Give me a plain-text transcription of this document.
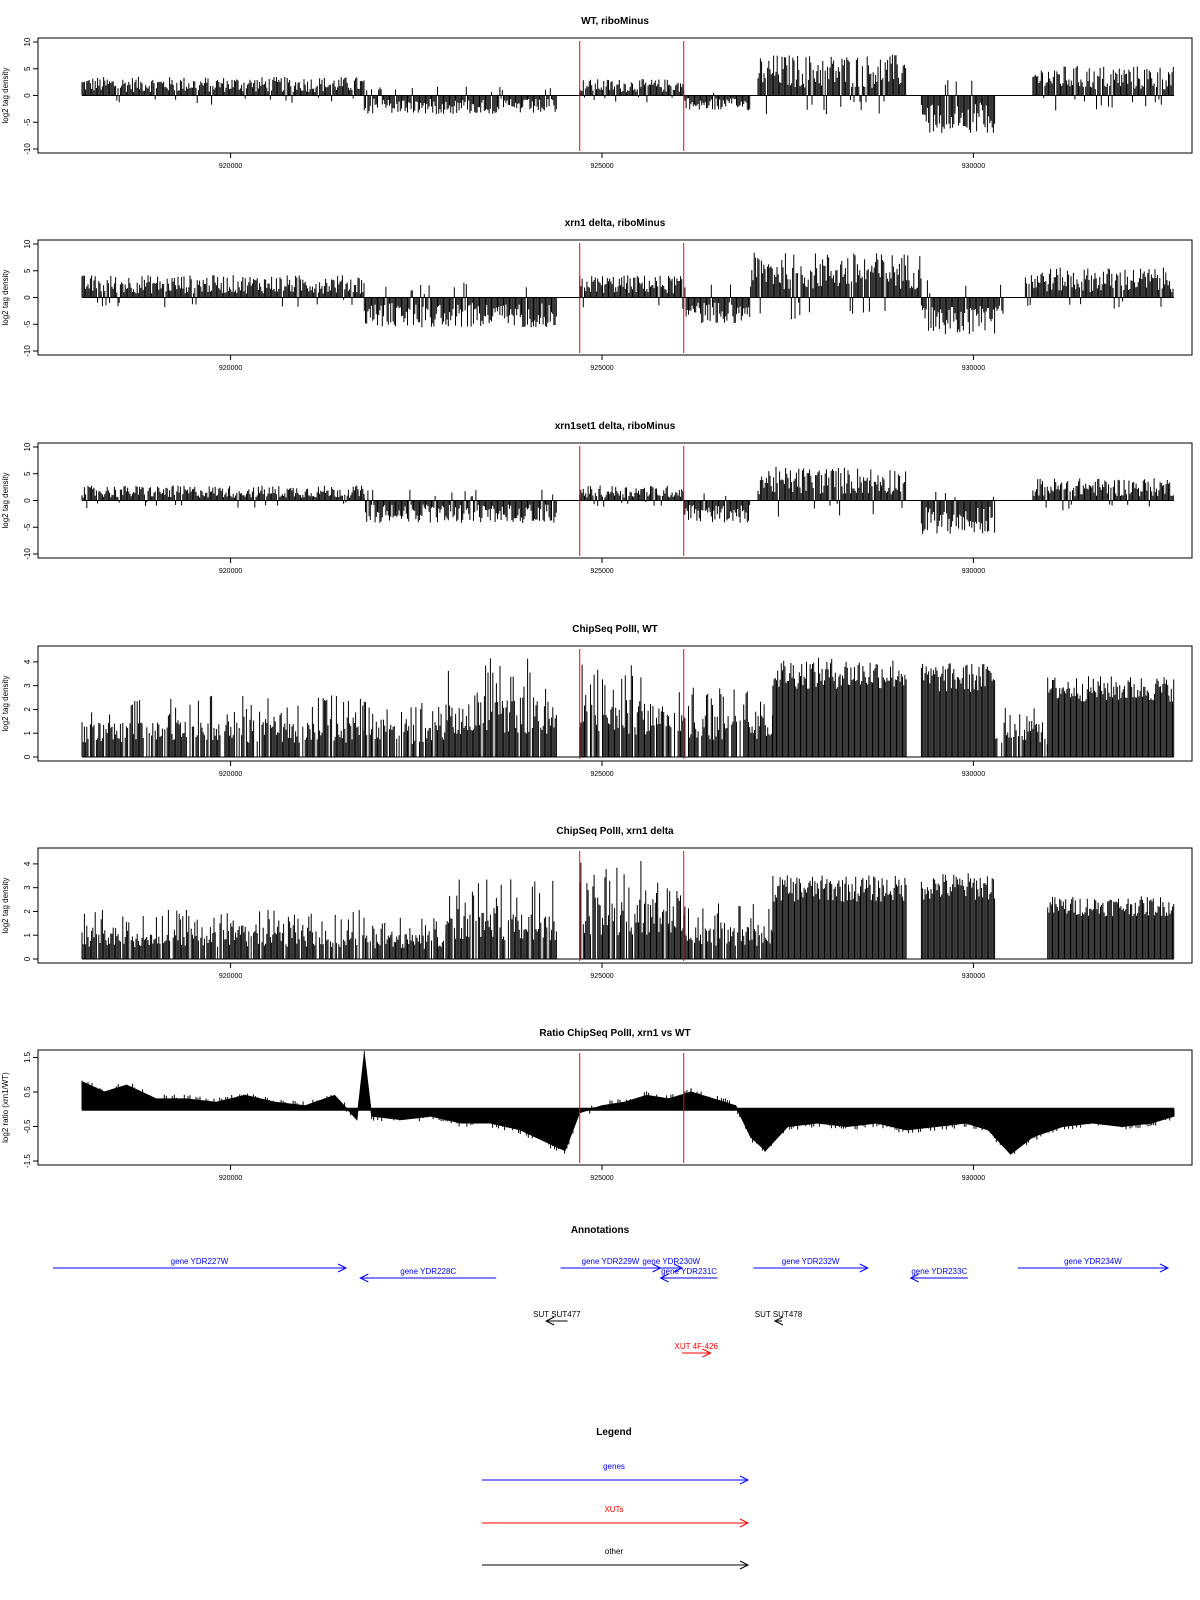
WT, riboMinus
-10
-5
0
5
10
log2 tag density
920000	925000	930000
xrn1 delta, riboMinus
-10
-5
0
5
10
log2 tag density
920000	925000	930000
xrn1set1 delta, riboMinus
-10
-5
0
5
10
log2 tag density
920000	925000	930000
ChipSeq PolII, WT
0
1
2
3
4
log2 tag density
920000	925000	930000
ChipSeq PolII, xrn1 delta
0
1
2
3
4
log2 tag density
920000	925000	930000
Ratio ChipSeq PolII, xrn1 vs WT
-1.5
-0.5
0.5
1.5
log2 ratio (xrn1/WT)
920000	925000	930000
Annotations
gene YDR227W
gene YDR228C
gene YDR229W gene YDR230W
gene YDR231C
gene YDR232W
gene YDR233C
gene YDR234W
SUT SUT477	SUT SUT478
XUT 4F-426
Legend
genes
XUTs
other
